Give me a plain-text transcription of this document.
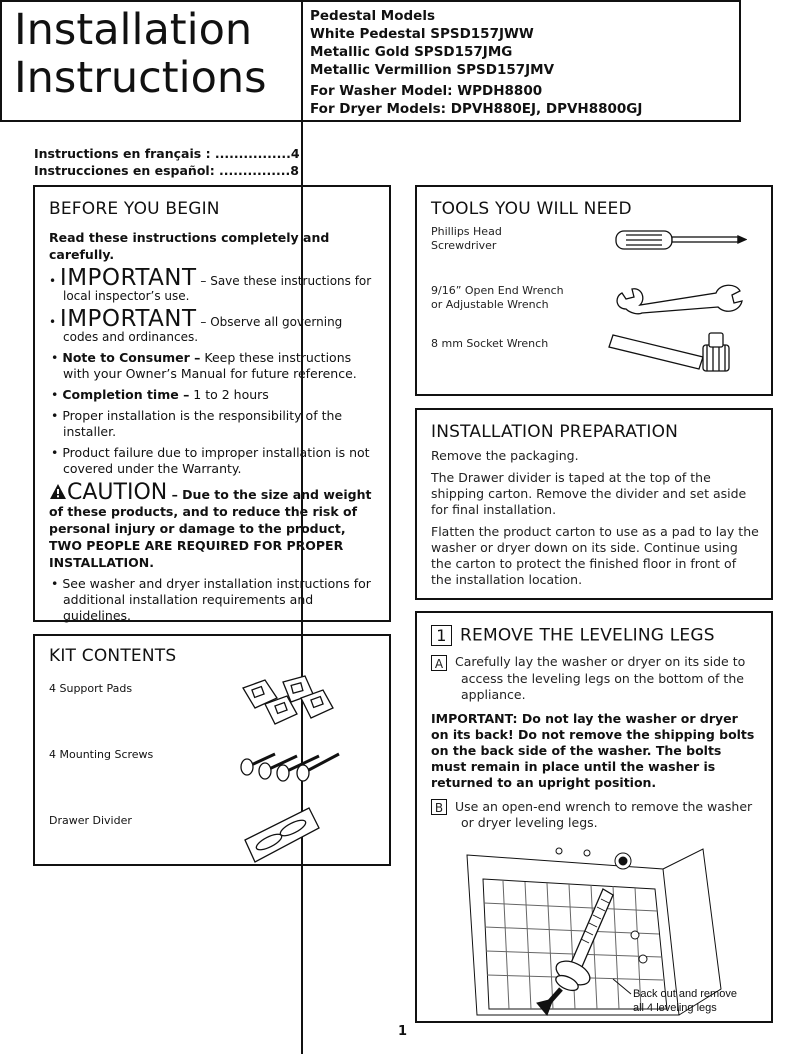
Installation
Instructions
Pedestal Models
White Pedestal SPSD157JWW
Metallic Gold SPSD157JMG
Metallic Vermillion SPSD157JMV
For Washer Model: WPDH8800
For Dryer Models: DPVH880EJ, DPVH8800GJ
Instructions en français : ................4
Instrucciones en español: ...............8
BEFORE YOU BEGIN
Read these instructions completely and carefully.
• IMPORTANT – Save these instructions for local inspector’s use.
• IMPORTANT – Observe all governing codes and ordinances.
• Note to Consumer – Keep these instructions with your Owner’s Manual for future reference.
• Completion time – 1 to 2 hours
• Proper installation is the responsibility of the installer.
• Product failure due to improper installation is not covered under the Warranty.
CAUTION – Due to the size and weight of these products, and to reduce the risk of personal injury or damage to the product, TWO PEOPLE ARE REQUIRED FOR PROPER INSTALLATION.
• See washer and dryer installation instructions for additional installation requirements and guidelines.
KIT CONTENTS
4 Support Pads
4 Mounting Screws
Drawer Divider
TOOLS YOU WILL NEED
Phillips Head
Screwdriver
9/16” Open End Wrench
or Adjustable Wrench
8 mm Socket Wrench
INSTALLATION PREPARATION

Remove the packaging.

The Drawer divider is taped at the top of the shipping carton. Remove the divider and set aside for final installation.

Flatten the product carton to use as a pad to lay the washer or dryer down on its side. Continue using the carton to protect the finished floor in front of the installation location.

1 REMOVE THE LEVELING LEGS
A Carefully lay the washer or dryer on its side to access the leveling legs on the bottom of the appliance.
IMPORTANT: Do not lay the washer or dryer on its back! Do not remove the shipping bolts on the back side of the washer. The bolts must remain in place until the washer is returned to an upright position.
B Use an open-end wrench to remove the washer or dryer leveling legs.
Back out and remove
all 4 leveling legs
1
